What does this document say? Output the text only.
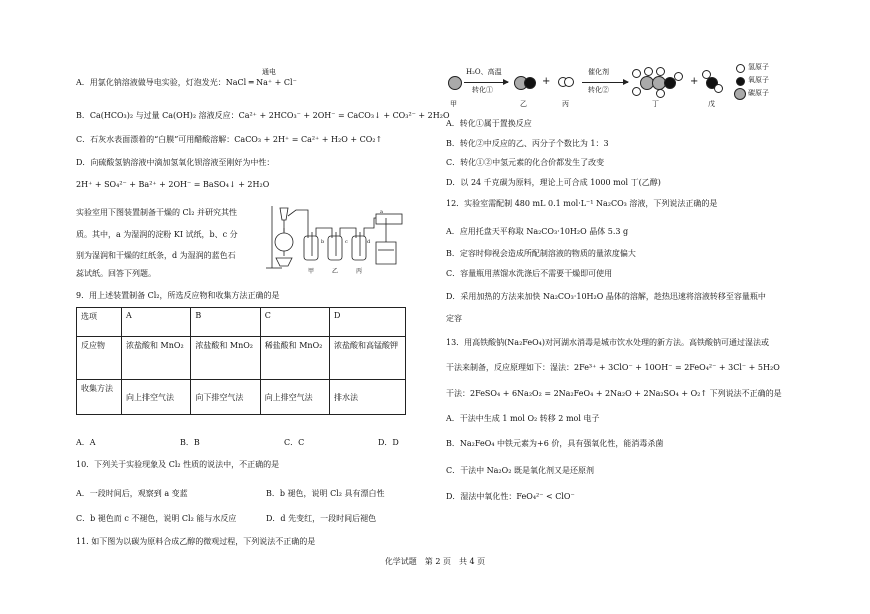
通电
A．用氯化钠溶液做导电实验，灯泡发光：NaCl ═ Na⁺ + Cl⁻
B．Ca(HCO₃)₂ 与过量 Ca(OH)₂ 溶液反应：Ca²⁺ + 2HCO₃⁻ + 2OH⁻ = CaCO₃↓ + CO₃²⁻ + 2H₂O
C．石灰水表面漂着的“白膜”可用醋酸溶解：CaCO₃ + 2H⁺ = Ca²⁺ + H₂O + CO₂↑
D．向硫酸氢钠溶液中滴加氢氧化钡溶液至刚好为中性：
2H⁺ + SO₄²⁻ + Ba²⁺ + 2OH⁻ = BaSO₄↓ + 2H₂O
实验室用下图装置制备干燥的 Cl₂ 并研究其性
质。其中，a 为湿润的淀粉 KI 试纸，b、c 分
别为湿润和干燥的红纸条，d 为湿润的蓝色石
蕊试纸。回答下列题。
a
b	c	d
甲	乙	丙
9．用上述装置制备 Cl₂，所选反应物和收集方法正确的是
选项	A	B	C	D
反应物	浓盐酸和 MnO₂	浓盐酸和 MnO₂	稀盐酸和 MnO₂	浓盐酸和高锰酸钾
收集方法	向上排空气法	向下排空气法	向上排空气法	排水法
A．A	B．B	C．C	D．D
10．下列关于实验现象及 Cl₂ 性质的说法中，不正确的是
A．一段时间后，观察到 a 变蓝	B．b 褪色，说明 Cl₂ 具有漂白性
C．b 褪色而 c 不褪色，说明 Cl₂ 能与水反应	D．d 先变红，一段时间后褪色
11. 如下图为以碳为原料合成乙醇的微观过程，下列说法不正确的是
H₂O、高温
转化①
+
催化剂
转化②
+
甲	乙	丙	丁	戊
氢原子
氧原子
碳原子
A．转化①属于置换反应
B．转化②中反应的乙、丙分子个数比为 1：3
C．转化①②中氢元素的化合价都发生了改变
D．以 24 千克碳为原料，理论上可合成 1000 mol 丁(乙醇)
12．实验室需配制 480 mL 0.1 mol·L⁻¹ Na₂CO₃ 溶液，下列说法正确的是
A．应用托盘天平称取 Na₂CO₃·10H₂O 晶体 5.3 g
B．定容时仰视会造成所配制溶液的物质的量浓度偏大
C．容量瓶用蒸馏水洗涤后不需要干燥即可使用
D．采用加热的方法来加快 Na₂CO₃·10H₂O 晶体的溶解，趁热迅速将溶液转移至容量瓶中
定容
13．用高铁酸钠(Na₂FeO₄)对河湖水消毒是城市饮水处理的新方法。高铁酸钠可通过湿法或
干法来制备，反应原理如下：湿法：2Fe³⁺ + 3ClO⁻ + 10OH⁻ = 2FeO₄²⁻ + 3Cl⁻ + 5H₂O
干法：2FeSO₄ + 6Na₂O₂ = 2Na₂FeO₄ + 2Na₂O + 2Na₂SO₄ + O₂↑ 下列说法不正确的是
A．干法中生成 1 mol O₂ 转移 2 mol 电子
B．Na₂FeO₄ 中铁元素为+6 价，具有强氧化性，能消毒杀菌
C．干法中 Na₂O₂ 既是氧化剂又是还原剂
D．湿法中氧化性：FeO₄²⁻ < ClO⁻
化学试题　第 2 页　共 4 页
